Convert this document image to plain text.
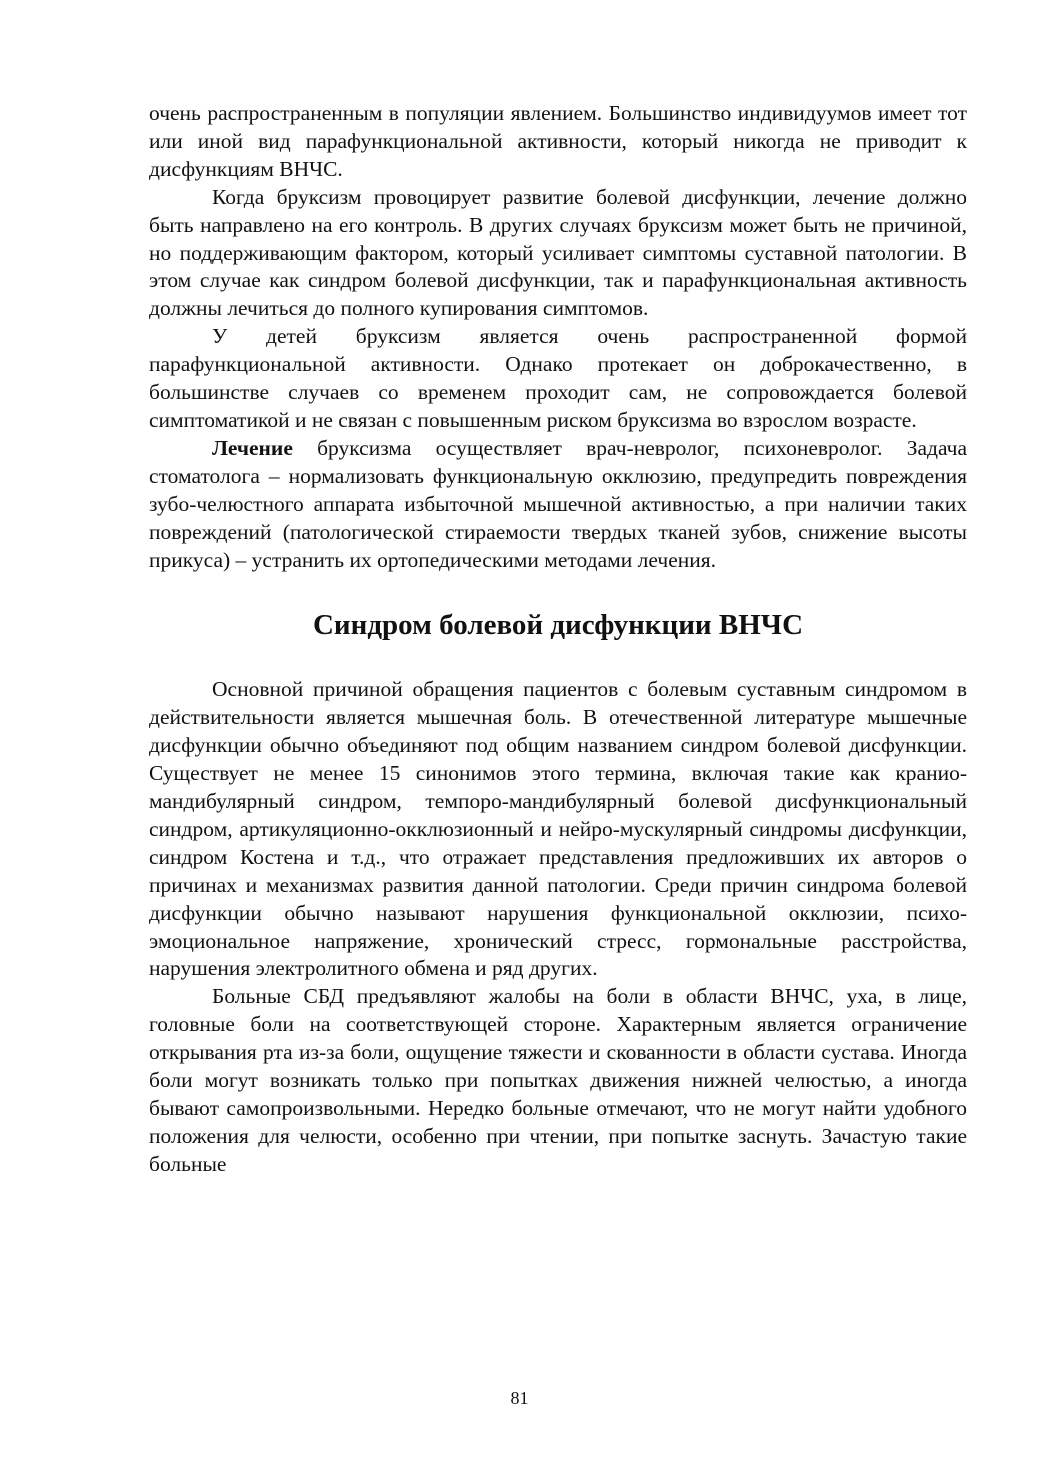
очень распространенным в популяции явлением. Большинство индивидуумов имеет тот или иной вид парафункциональной активности, который никогда не приводит к дисфункциям ВНЧС.

Когда бруксизм провоцирует развитие болевой дисфункции, лечение должно быть направлено на его контроль. В других случаях бруксизм может быть не причиной, но поддерживающим фактором, который усиливает симптомы суставной патологии. В этом случае как синдром болевой дисфункции, так и парафункциональная активность должны лечиться до полного купирования симптомов.

У детей бруксизм является очень распространенной формой парафункциональной активности. Однако протекает он доброкачественно, в большинстве случаев со временем проходит сам, не сопровождается болевой симптоматикой и не связан с повышенным риском бруксизма во взрослом возрасте.

Лечение бруксизма осуществляет врач-невролог, психоневролог. Задача стоматолога – нормализовать функциональную окклюзию, предупредить повреждения зубо-челюстного аппарата избыточной мышечной активностью, а при наличии таких повреждений (патологической стираемости твердых тканей зубов, снижение высоты прикуса) – устранить их ортопедическими методами лечения.

Синдром болевой дисфункции ВНЧС

Основной причиной обращения пациентов с болевым суставным синдромом в действительности является мышечная боль. В отечественной литературе мышечные дисфункции обычно объединяют под общим названием синдром болевой дисфункции. Существует не менее 15 синонимов этого термина, включая такие как кранио-мандибулярный синдром, темпоро-мандибулярный болевой дисфункциональный синдром, артикуляционно-окклюзионный и нейро-мускулярный синдромы дисфункции, синдром Костена и т.д., что отражает представления предложивших их авторов о причинах и механизмах развития данной патологии. Среди причин синдрома болевой дисфункции обычно называют нарушения функциональной окклюзии, психо-эмоциональное напряжение, хронический стресс, гормональные расстройства, нарушения электролитного обмена и ряд других.

Больные СБД предъявляют жалобы на боли в области ВНЧС, уха, в лице, головные боли на соответствующей стороне. Характерным является ограничение открывания рта из-за боли, ощущение тяжести и скованности в области сустава. Иногда боли могут возникать только при попытках движения нижней челюстью, а иногда бывают самопроизвольными. Нередко больные отмечают, что не могут найти удобного положения для челюсти, особенно при чтении, при попытке заснуть. Зачастую такие больные

81
